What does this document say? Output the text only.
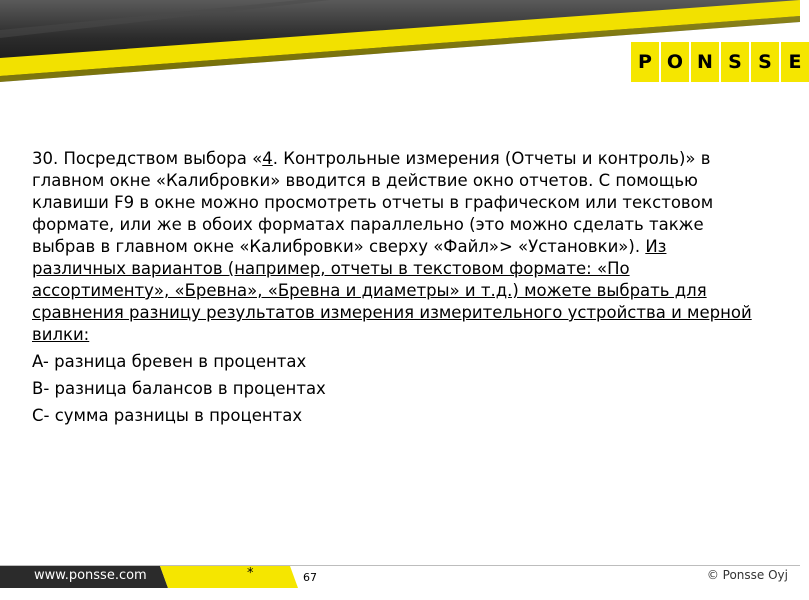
P O N S S E

30. Посредством выбора «4. Контрольные измерения (Отчеты и контроль)» в главном окне «Калибровки» вводится в действие окно отчетов. С помощью клавиши F9 в окне можно просмотреть отчеты в графическом или текстовом формате, или же в обоих форматах параллельно (это можно сделать также выбрав в главном окне «Калибровки» сверху «Файл»> «Установки»). Из различных вариантов (например, отчеты в текстовом формате: «По ассортименту», «Бревна», «Бревна и диаметры» и т.д.) можете выбрать для сравнения разницу результатов измерения измерительного устройства и мерной вилки:

A- разница бревен в процентах

B- разница балансов в процентах

C- сумма разницы в процентах

www.ponsse.com	*	67	© Ponsse Oyj
